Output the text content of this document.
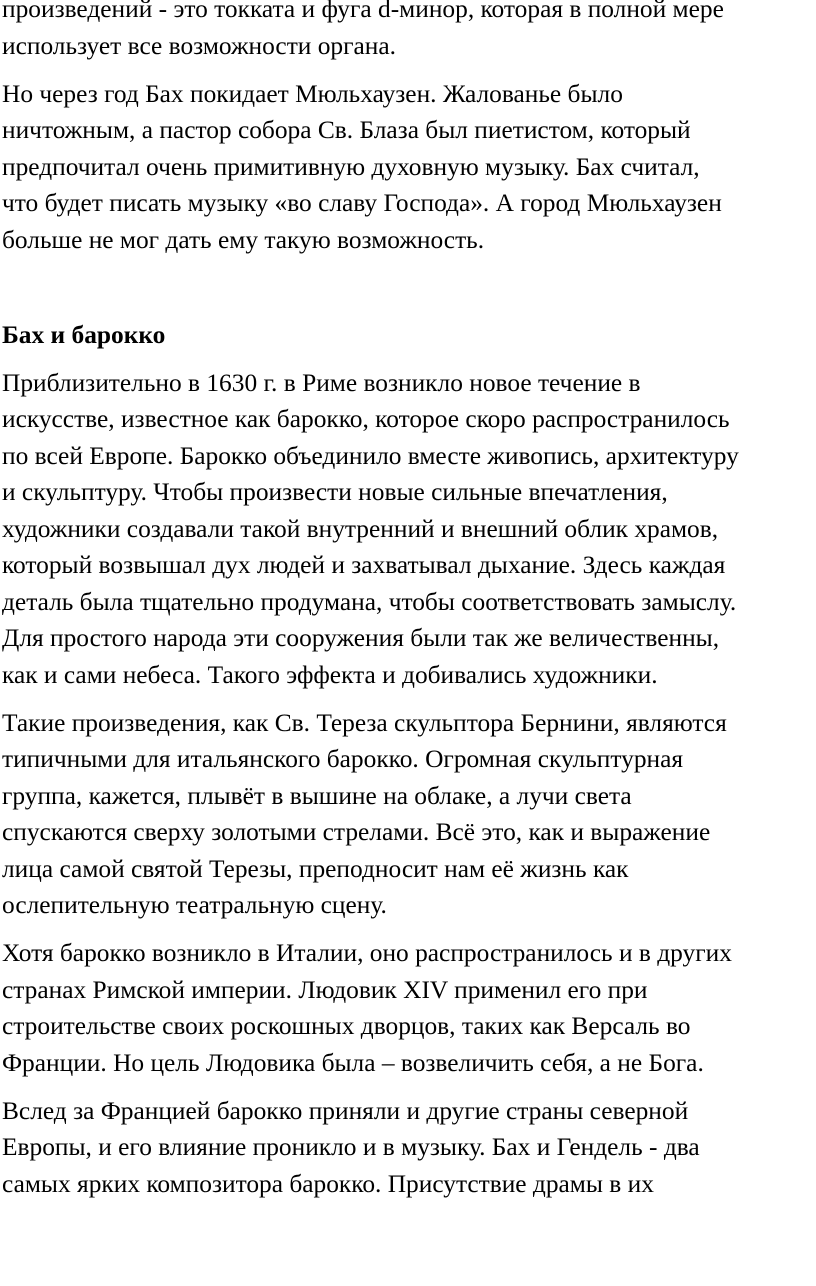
произведений - это токката и фуга d-минор, которая в полной мере
использует все возможности органа.
Но через год Бах покидает Мюльхаузен. Жалованье было
ничтожным, а пастор собора Св. Блаза был пиетистом, который
предпочитал очень примитивную духовную музыку. Бах считал,
что будет писать музыку «во славу Господа». А город Мюльхаузен
больше не мог дать ему такую возможность.
Бах и барокко
Приблизительно в 1630 г. в Риме возникло новое течение в
искусстве, известное как барокко, которое скоро распространилось
по всей Европе. Барокко объединило вместе живопись, архитектуру
и скульптуру. Чтобы произвести новые сильные впечатления,
художники создавали такой внутренний и внешний облик храмов,
который возвышал дух людей и захватывал дыхание. Здесь каждая
деталь была тщательно продумана, чтобы соответствовать замыслу.
Для простого народа эти сооружения были так же величественны,
как и сами небеса. Такого эффекта и добивались художники.
Такие произведения, как Св. Тереза скульптора Бернини, являются
типичными для итальянского барокко. Огромная скульптурная
группа, кажется, плывёт в вышине на облаке, а лучи света
спускаются сверху золотыми стрелами. Всё это, как и выражение
лица самой святой Терезы, преподносит нам её жизнь как
ослепительную театральную сцену.
Хотя барокко возникло в Италии, оно распространилось и в других
странах Римской империи. Людовик XIV применил его при
строительстве своих роскошных дворцов, таких как Версаль во
Франции. Но цель Людовика была – возвеличить себя, а не Бога.
Вслед за Францией барокко приняли и другие страны северной
Европы, и его влияние проникло и в музыку. Бах и Гендель - два
самых ярких композитора барокко. Присутствие драмы в их
